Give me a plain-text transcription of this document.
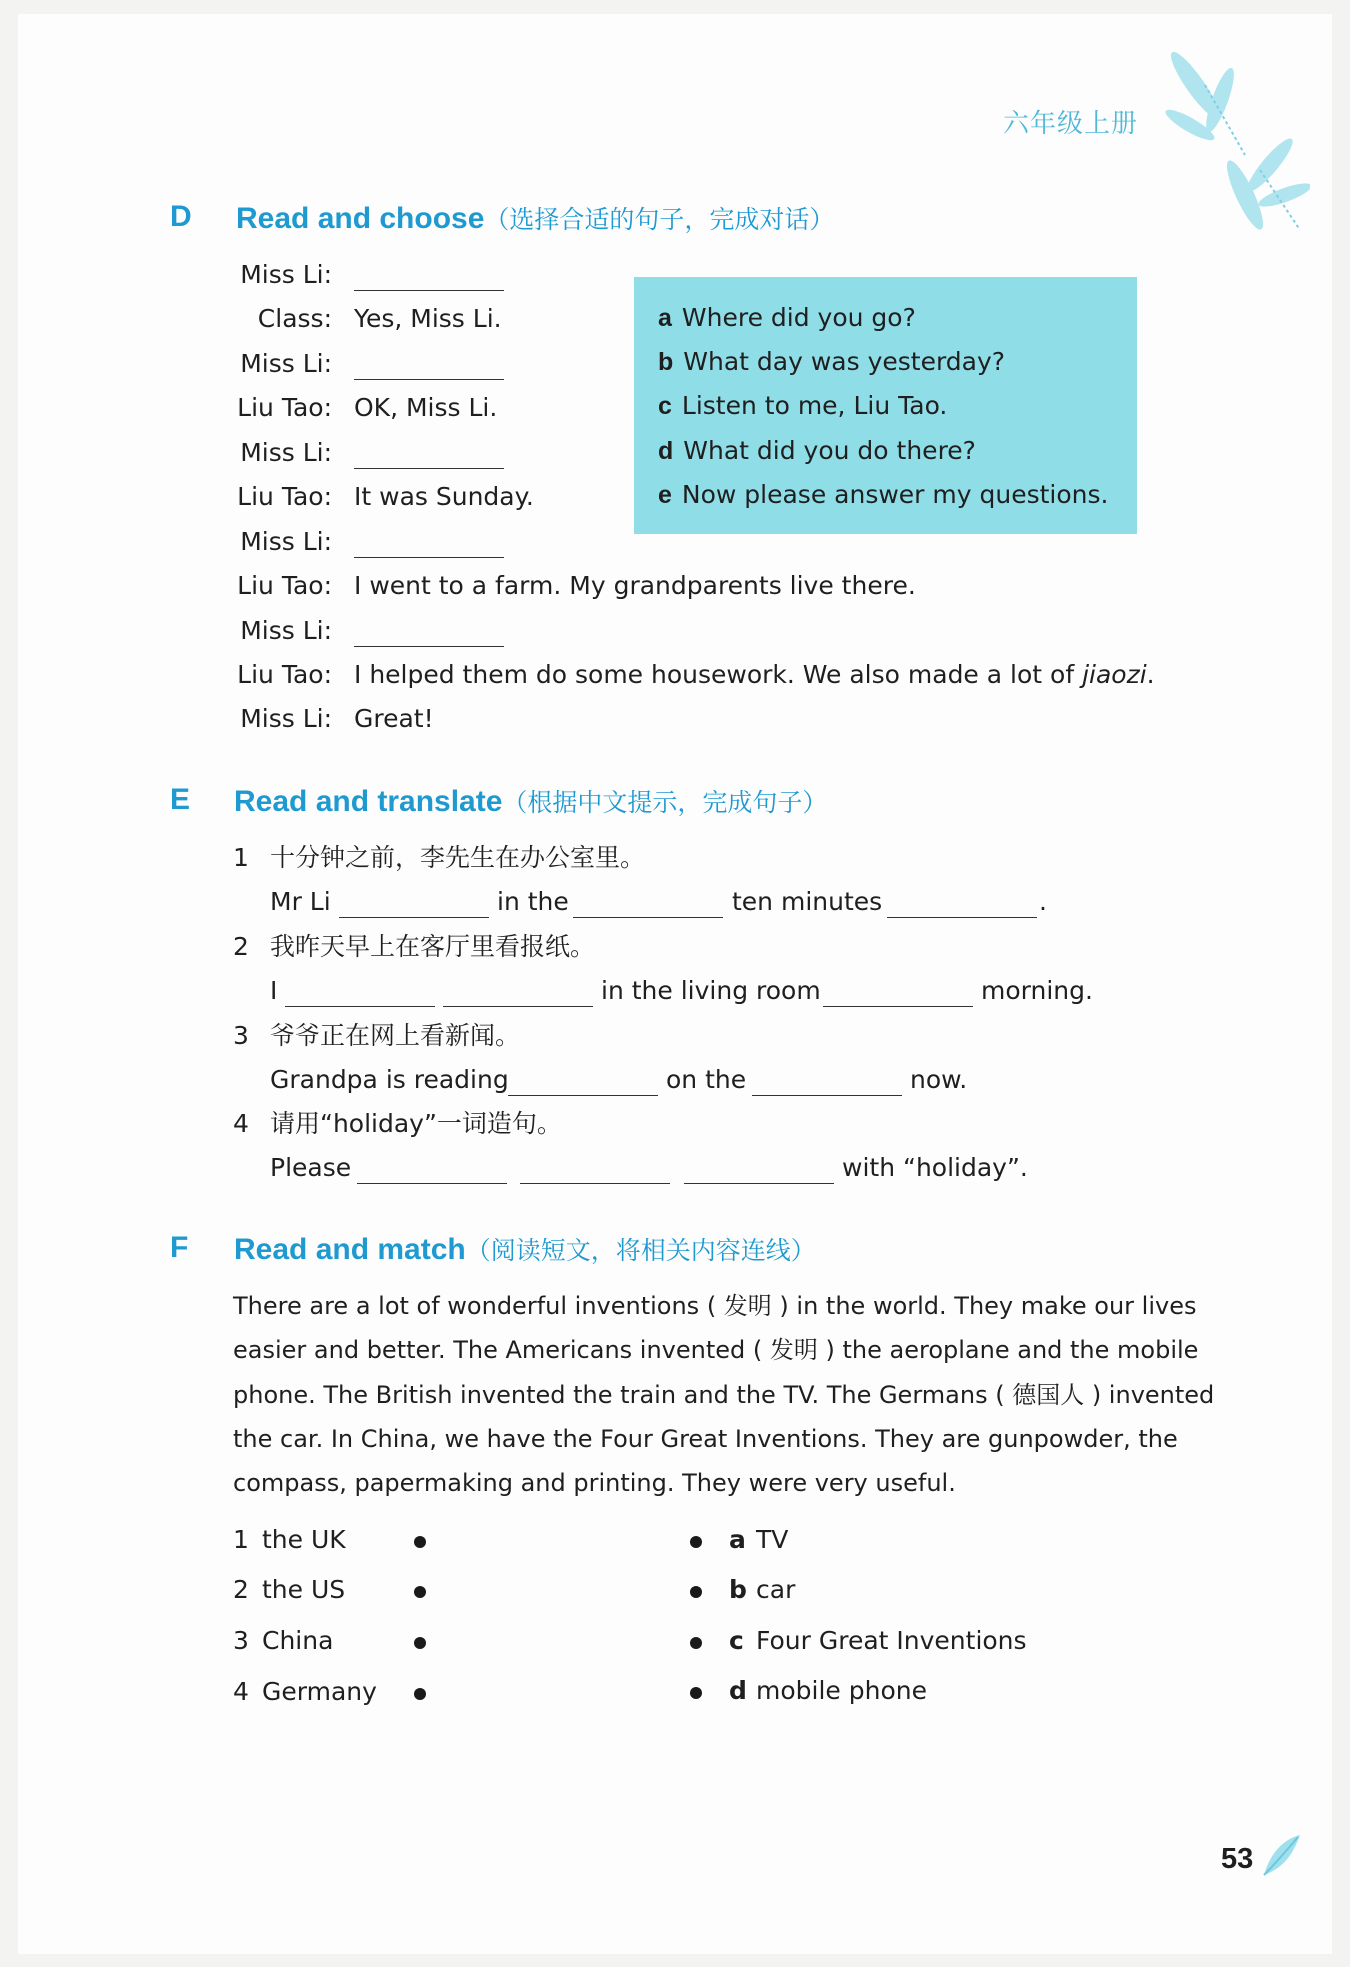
六年级上册
D Read and choose（选择合适的句子，完成对话）
Miss Li:
Class: Yes, Miss Li.
Miss Li:
Liu Tao: OK, Miss Li.
Miss Li:
Liu Tao: It was Sunday.
Miss Li:
Liu Tao: I went to a farm. My grandparents live there.
Miss Li:
Liu Tao: I helped them do some housework. We also made a lot of jiaozi.
Miss Li: Great!
a Where did you go?
b What day was yesterday?
c Listen to me, Liu Tao.
d What did you do there?
e Now please answer my questions.
E Read and translate（根据中文提示，完成句子）
1 十分钟之前，李先生在办公室里。
Mr Li	in the	ten minutes	.
2 我昨天早上在客厅里看报纸。
I	in the living room	morning.
3 爷爷正在网上看新闻。
Grandpa is reading	on the	now.
4 请用“holiday”一词造句。
Please	with “holiday”.
F Read and match（阅读短文，将相关内容连线）
There are a lot of wonderful inventions ( 发明 ) in the world. They make our lives
easier and better. The Americans invented ( 发明 ) the aeroplane and the mobile
phone. The British invented the train and the TV. The Germans ( 德国人 ) invented
the car. In China, we have the Four Great Inventions. They are gunpowder, the
compass, papermaking and printing. They were very useful.
1 the UK
2 the US
3 China
4 Germany
a TV
b car
c Four Great Inventions
d mobile phone
53
